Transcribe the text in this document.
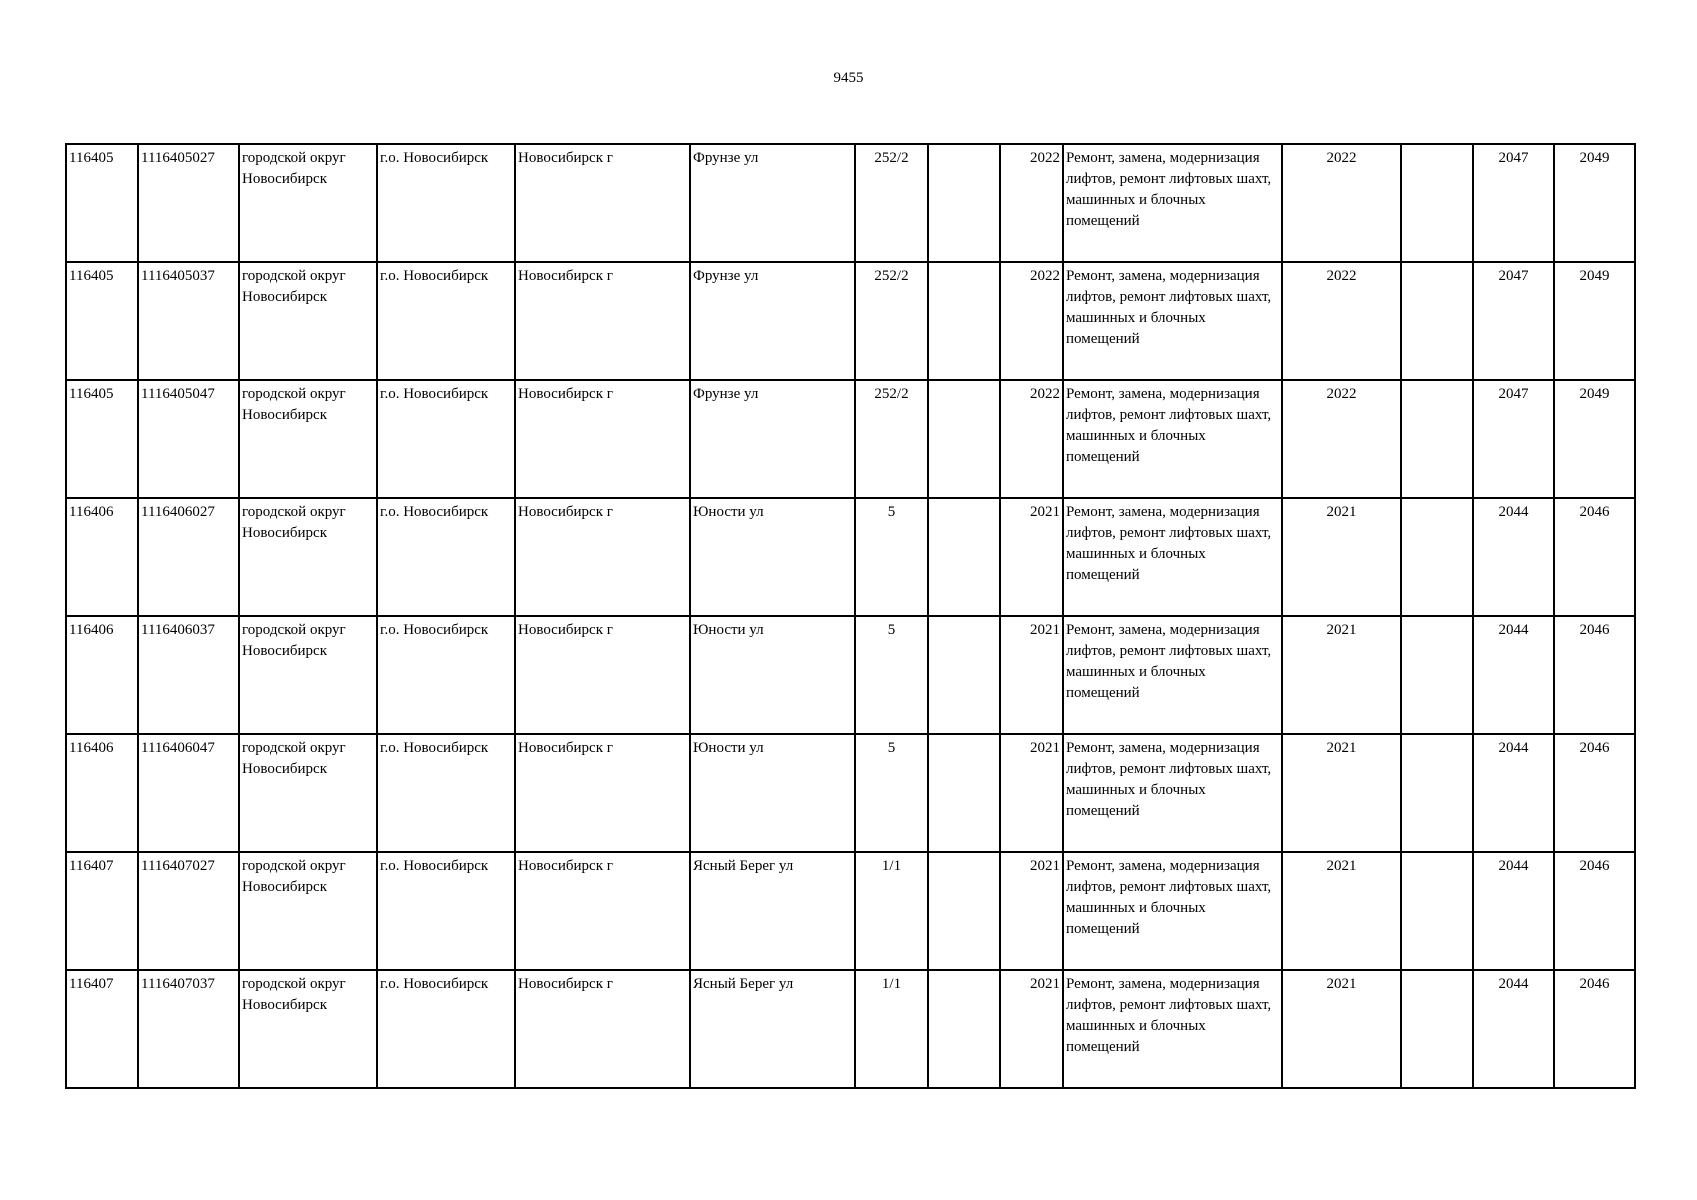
9455
116405	1116405027	городской округ Новосибирск	г.о. Новосибирск	Новосибирск г	Фрунзе ул	252/2		2022	Ремонт, замена, модернизация лифтов, ремонт лифтовых шахт, машинных и блочных помещений	2022		2047	2049
116405	1116405037	городской округ Новосибирск	г.о. Новосибирск	Новосибирск г	Фрунзе ул	252/2		2022	Ремонт, замена, модернизация лифтов, ремонт лифтовых шахт, машинных и блочных помещений	2022		2047	2049
116405	1116405047	городской округ Новосибирск	г.о. Новосибирск	Новосибирск г	Фрунзе ул	252/2		2022	Ремонт, замена, модернизация лифтов, ремонт лифтовых шахт, машинных и блочных помещений	2022		2047	2049
116406	1116406027	городской округ Новосибирск	г.о. Новосибирск	Новосибирск г	Юности ул	5		2021	Ремонт, замена, модернизация лифтов, ремонт лифтовых шахт, машинных и блочных помещений	2021		2044	2046
116406	1116406037	городской округ Новосибирск	г.о. Новосибирск	Новосибирск г	Юности ул	5		2021	Ремонт, замена, модернизация лифтов, ремонт лифтовых шахт, машинных и блочных помещений	2021		2044	2046
116406	1116406047	городской округ Новосибирск	г.о. Новосибирск	Новосибирск г	Юности ул	5		2021	Ремонт, замена, модернизация лифтов, ремонт лифтовых шахт, машинных и блочных помещений	2021		2044	2046
116407	1116407027	городской округ Новосибирск	г.о. Новосибирск	Новосибирск г	Ясный Берег ул	1/1		2021	Ремонт, замена, модернизация лифтов, ремонт лифтовых шахт, машинных и блочных помещений	2021		2044	2046
116407	1116407037	городской округ Новосибирск	г.о. Новосибирск	Новосибирск г	Ясный Берег ул	1/1		2021	Ремонт, замена, модернизация лифтов, ремонт лифтовых шахт, машинных и блочных помещений	2021		2044	2046
